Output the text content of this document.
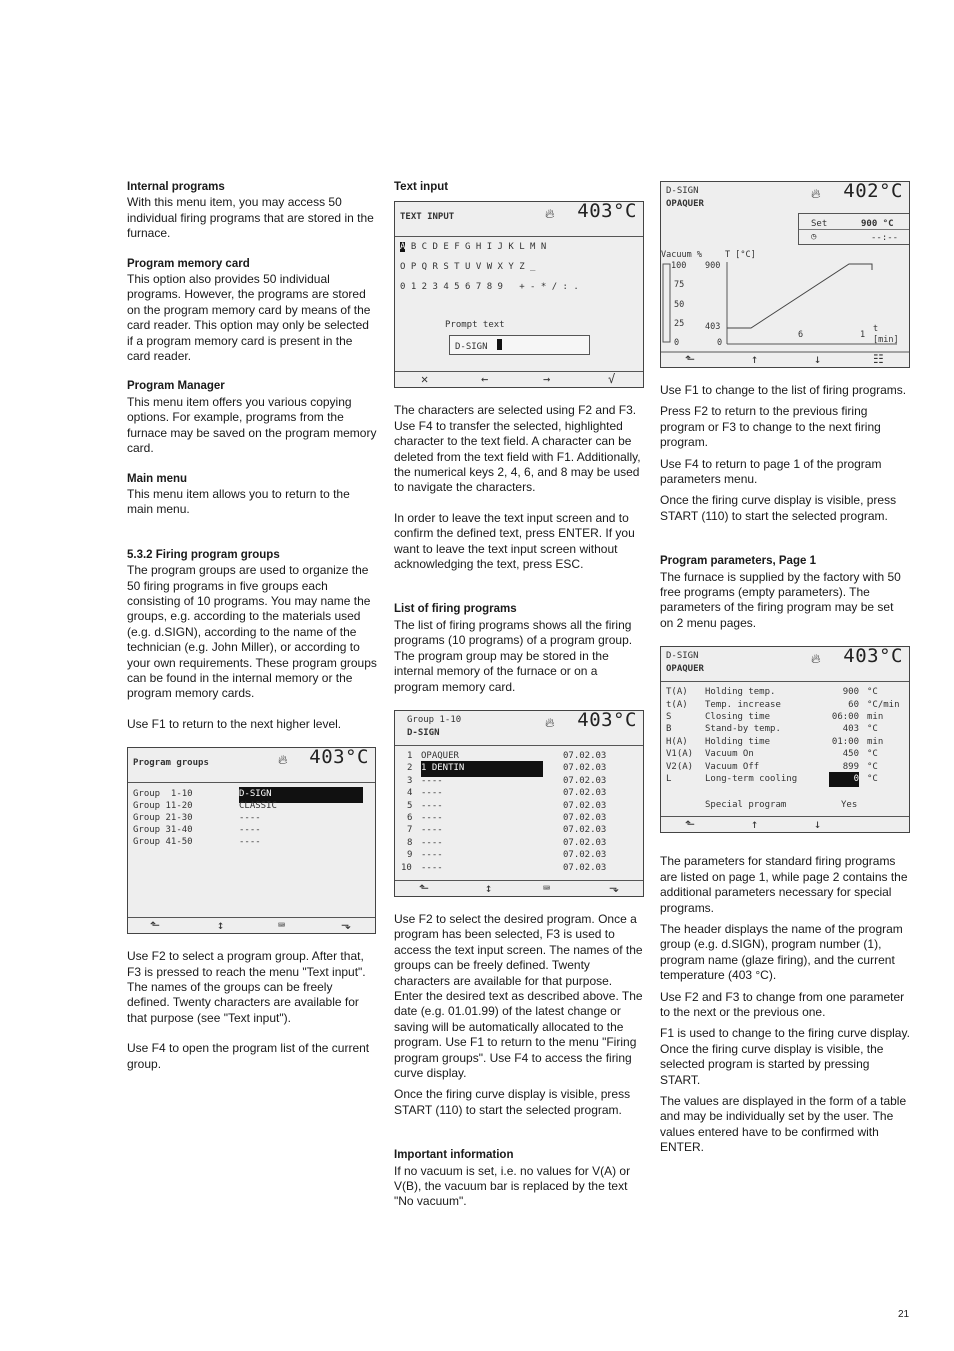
Internal programs

With this menu item, you may access 50 individual firing programs that are stored in the furnace.

Program memory card

This option also provides 50 individual programs. However, the programs are stored on the program memory card by means of the card reader. This option may only be selected if a program memory card is present in the card reader.

Program Manager

This menu item offers you various copying options. For example, programs from the furnace may be saved on the program memory card.

Main menu

This menu item allows you to return to the main menu.

5.3.2 Firing program groups

The program groups are used to organize the 50 firing programs in five groups each consisting of 10 programs. You may name the groups, e.g. according to the materials used (e.g. d.SIGN), according to the name of the technician (e.g. John Miller), or according to your own requirements. These program groups can be found in the internal memory or the program memory cards.

Use F1 to return to the next higher level.

Program groups	🔥︎ 403°C
Group  1-10	D-SIGN
Group 11-20	CLASSIC
Group 21-30	----
Group 31-40	----
Group 41-50	----
⬑	↕	⌨	⬎

Use F2 to select a program group. After that, F3 is pressed to reach the menu "Text input". The names of the groups can be freely defined. Twenty characters are available for that purpose (see "Text input").

Use F4 to open the program list of the current group.

Text input
TEXT INPUT	🔥︎ 403°C
A B C D E F G H I J K L M N
O P Q R S T U V W X Y Z _
0 1 2 3 4 5 6 7 8 9   + - * / : .
Prompt text
D-SIGN
✕	←	→	√

The characters are selected using F2 and F3. Use F4 to transfer the selected, highlighted character to the text field. A character can be deleted from the text field with F1. Additionally, the numerical keys 2, 4, 6, and 8 may be used to navigate the characters.

In order to leave the text input screen and to confirm the defined text, press ENTER. If you want to leave the text input screen without acknowledging the text, press ESC.

List of firing programs

The list of firing programs shows all the firing programs (10 programs) of a program group. The program group may be stored in the internal memory of the furnace or on a program memory card.

Group 1-10
D-SIGN
🔥︎ 403°C
1 OPAQUER	07.02.03
2 1 DENTIN	07.02.03
3 ----	07.02.03
4 ----	07.02.03
5 ----	07.02.03
6 ----	07.02.03
7 ----	07.02.03
8 ----	07.02.03
9 ----	07.02.03
10 ----	07.02.03
⬑	↕	⌨	⬎

Use F2 to select the desired program. Once a program has been selected, F3 is used to access the text input screen. The names of the groups can be freely defined. Twenty characters are available for that purpose. Enter the desired text as described above. The date (e.g. 01.01.99) of the latest change or saving will be automatically allocated to the program. Use F1 to return to the menu "Firing program groups". Use F4 to access the firing curve display.

Once the firing curve display is visible, press START (110) to start the selected program.

Important information

If no vacuum is set, i.e. no values for V(A) or V(B), the vacuum bar is replaced by the text "No vacuum".

D-SIGN
OPAQUER
🔥︎ 402°C
Set	900 °C
◷	--:--
Vacuum %	T [°C]
100 900
75
50
25 403
0	0
6	1
t
[min]
⬑	↑	↓	☷

Use F1 to change to the list of firing programs.

Press F2 to return to the previous firing program or F3 to change to the next firing program.

Use F4 to return to page 1 of the program parameters menu.

Once the firing curve display is visible, press START (110) to start the selected program.

Program parameters, Page 1

The furnace is supplied by the factory with 50 free programs (empty parameters). The parameters of the firing program may be set on 2 menu pages.

D-SIGN
OPAQUER
🔥︎ 403°C
T(A) Holding temp.	900 °C
t(A) Temp. increase	60 °C/min
S	Closing time	06:00 min
B	Stand-by temp.	403 °C
H(A) Holding time	01:00 min
V1(A) Vacuum On	450 °C
V2(A) Vacuum Off	899 °C
L	Long-term cooling	0 °C
Special program	Yes
⬑	↑	↓

The parameters for standard firing programs are listed on page 1, while page 2 contains the additional parameters necessary for special programs.

The header displays the name of the program group (e.g. d.SIGN), program number (1), program name (glaze firing), and the current temperature (403 °C).

Use F2 and F3 to change from one parameter to the next or the previous one.

F1 is used to change to the firing curve display. Once the firing curve display is visible, the selected program is started by pressing START.

The values are displayed in the form of a table and may be individually set by the user. The values entered have to be confirmed with ENTER.

21
